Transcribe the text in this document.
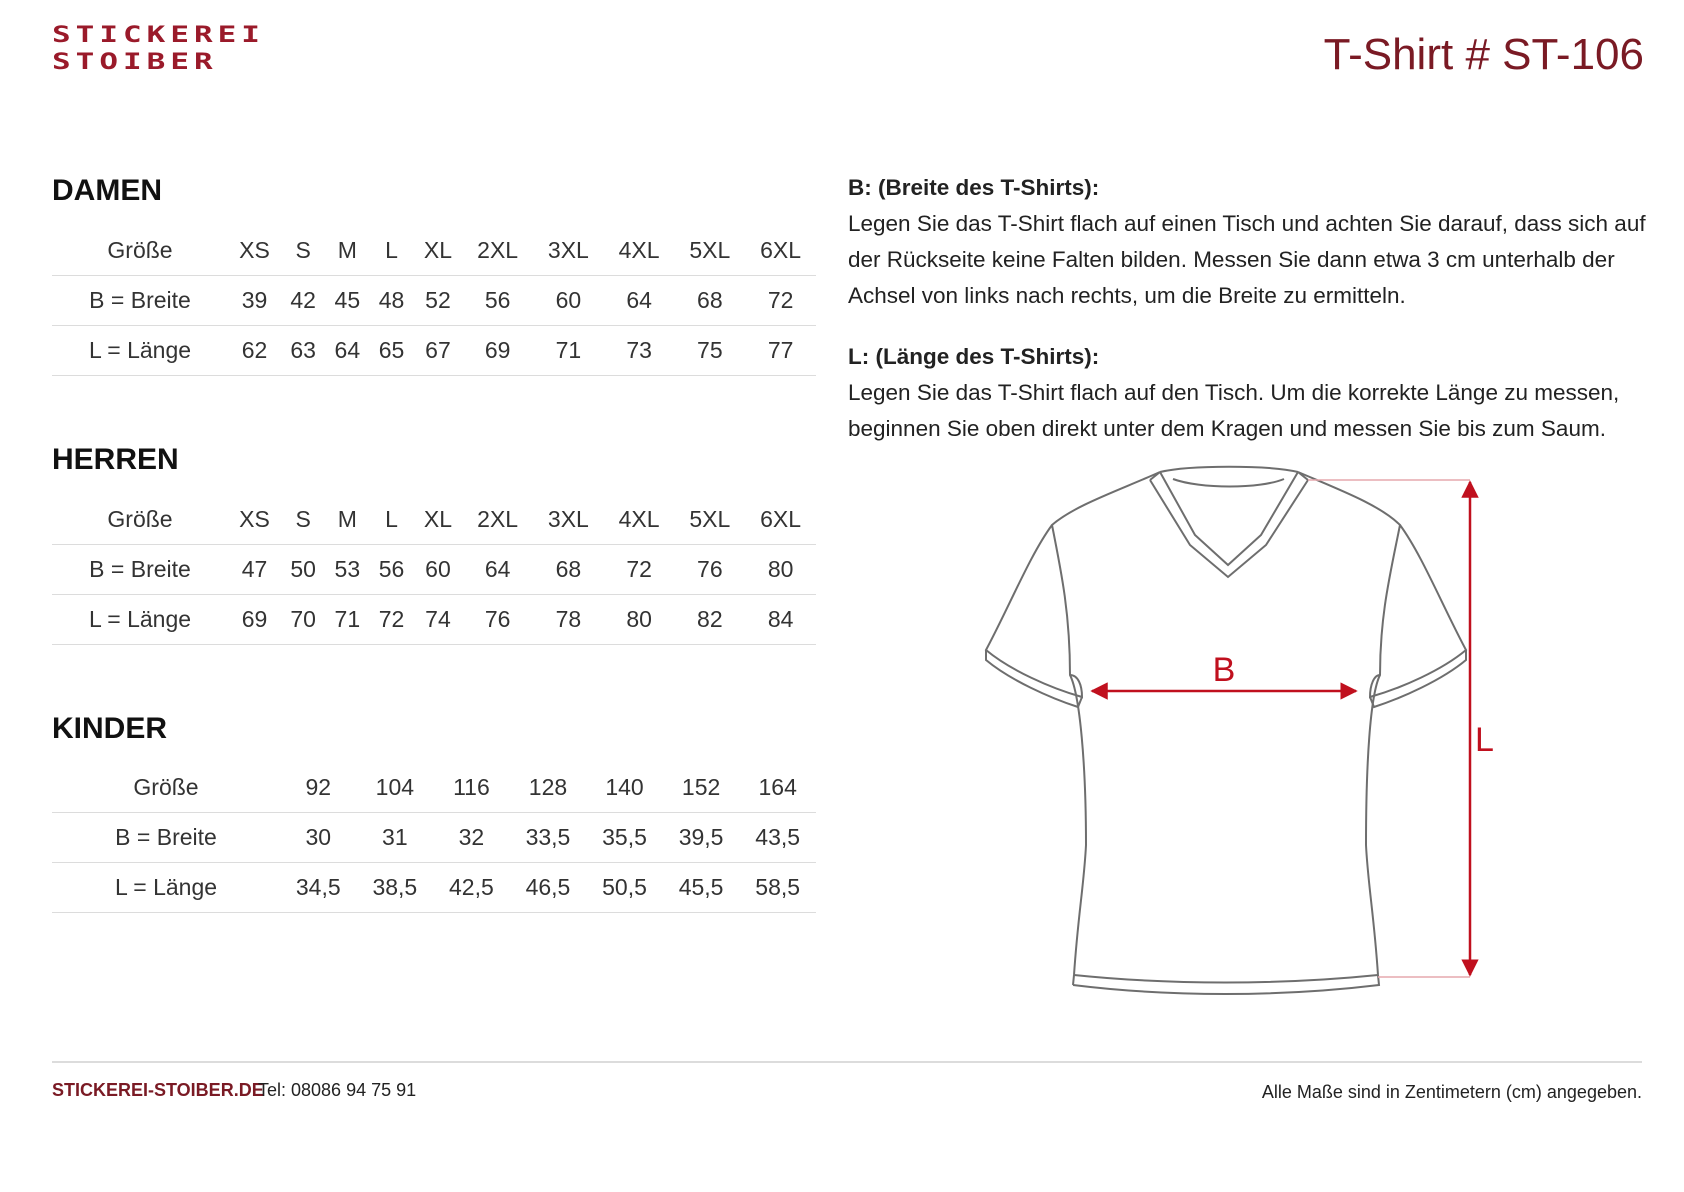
STICKEREI
STOIBER	T-Shirt # ST-106
DAMEN
Größe	XS	S	M	L	XL	2XL	3XL	4XL	5XL	6XL
B = Breite	39	42	45	48	52	56	60	64	68	72
L = Länge	62	63	64	65	67	69	71	73	75	77
HERREN
Größe	XS	S	M	L	XL	2XL	3XL	4XL	5XL	6XL
B = Breite	47	50	53	56	60	64	68	72	76	80
L = Länge	69	70	71	72	74	76	78	80	82	84
KINDER
Größe	92	104	116	128	140	152	164
B = Breite	30	31	32	33,5	35,5	39,5	43,5
L = Länge	34,5	38,5	42,5	46,5	50,5	45,5	58,5
B: (Breite des T-Shirts):
Legen Sie das T-Shirt flach auf einen Tisch und achten Sie darauf, dass sich auf der Rückseite keine Falten bilden. Messen Sie dann etwa 3 cm unterhalb der Achsel von links nach rechts, um die Breite zu ermitteln.
L: (Länge des T-Shirts):
Legen Sie das T-Shirt flach auf den Tisch. Um die korrekte Länge zu messen, beginnen Sie oben direkt unter dem Kragen und messen Sie bis zum Saum.
B
L
STICKEREI-STOIBER.DE
Tel: 08086 94 75 91	Alle Maße sind in Zentimetern (cm) angegeben.
